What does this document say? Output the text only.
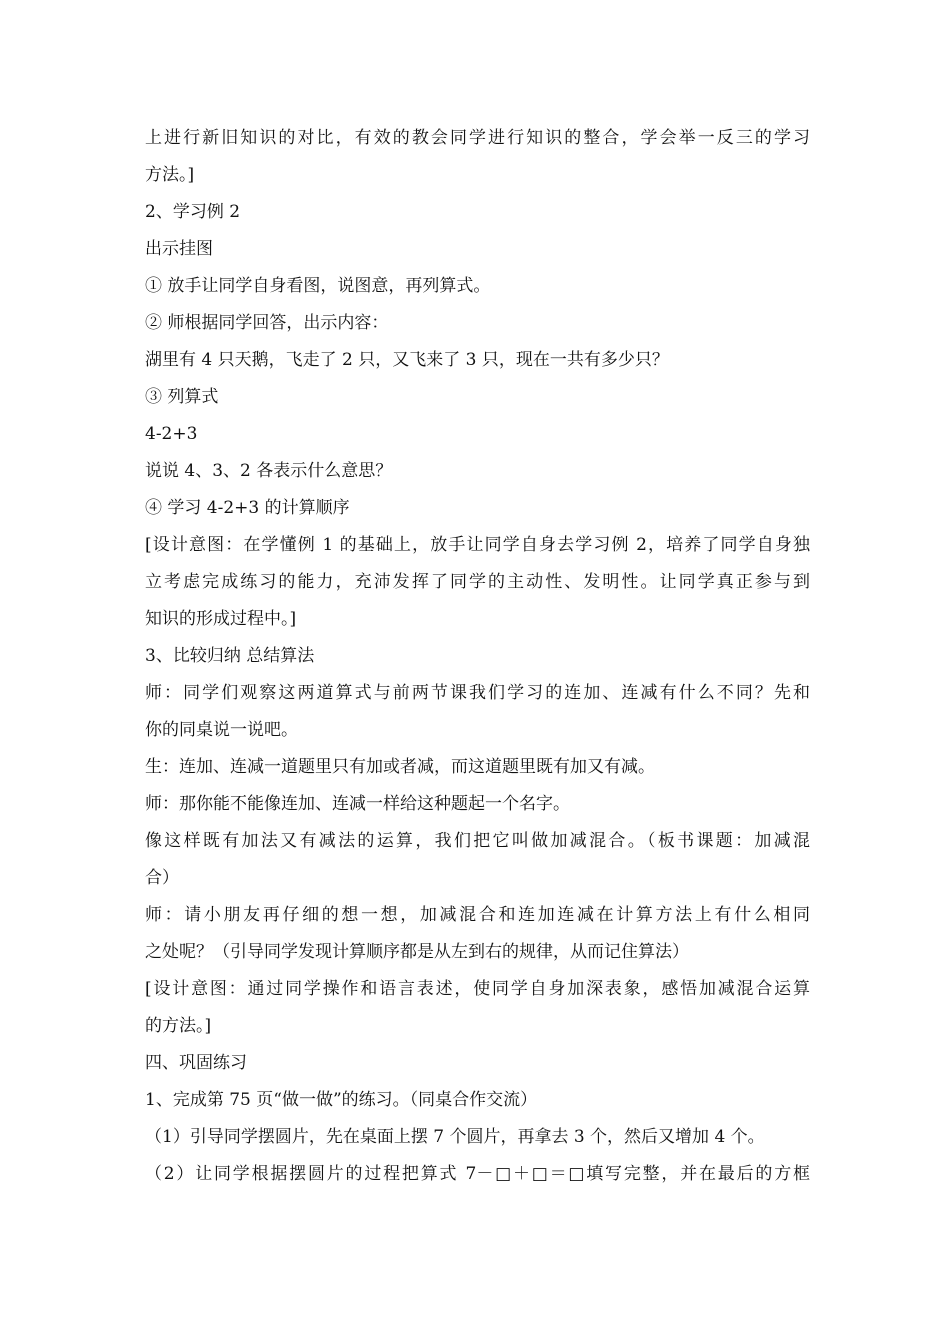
上进行新旧知识的对比，有效的教会同学进行知识的整合，学会举一反三的学习
方法。]
2、学习例 2
出示挂图
① 放手让同学自身看图，说图意，再列算式。
② 师根据同学回答，出示内容：
湖里有 4 只天鹅，飞走了 2 只，又飞来了 3 只，现在一共有多少只？
③ 列算式
4-2+3
说说 4、3、2 各表示什么意思？
④ 学习 4-2+3 的计算顺序
[设计意图：在学懂例 1 的基础上，放手让同学自身去学习例 2，培养了同学自身独
立考虑完成练习的能力，充沛发挥了同学的主动性、发明性。让同学真正参与到
知识的形成过程中。]
3、比较归纳 总结算法
师：同学们观察这两道算式与前两节课我们学习的连加、连减有什么不同？先和
你的同桌说一说吧。
生：连加、连减一道题里只有加或者减，而这道题里既有加又有减。
师：那你能不能像连加、连减一样给这种题起一个名字。
像这样既有加法又有减法的运算，我们把它叫做加减混合。（板书课题：加减混
合）
师：请小朋友再仔细的想一想，加减混合和连加连减在计算方法上有什么相同
之处呢？（引导同学发现计算顺序都是从左到右的规律，从而记住算法）
[设计意图：通过同学操作和语言表述，使同学自身加深表象，感悟加减混合运算
的方法。]
四、巩固练习
1、完成第 75 页“做一做”的练习。（同桌合作交流）
（1）引导同学摆圆片，先在桌面上摆 7 个圆片，再拿去 3 个，然后又增加 4 个。
（2）让同学根据摆圆片的过程把算式 7－□＋□＝□填写完整，并在最后的方框
